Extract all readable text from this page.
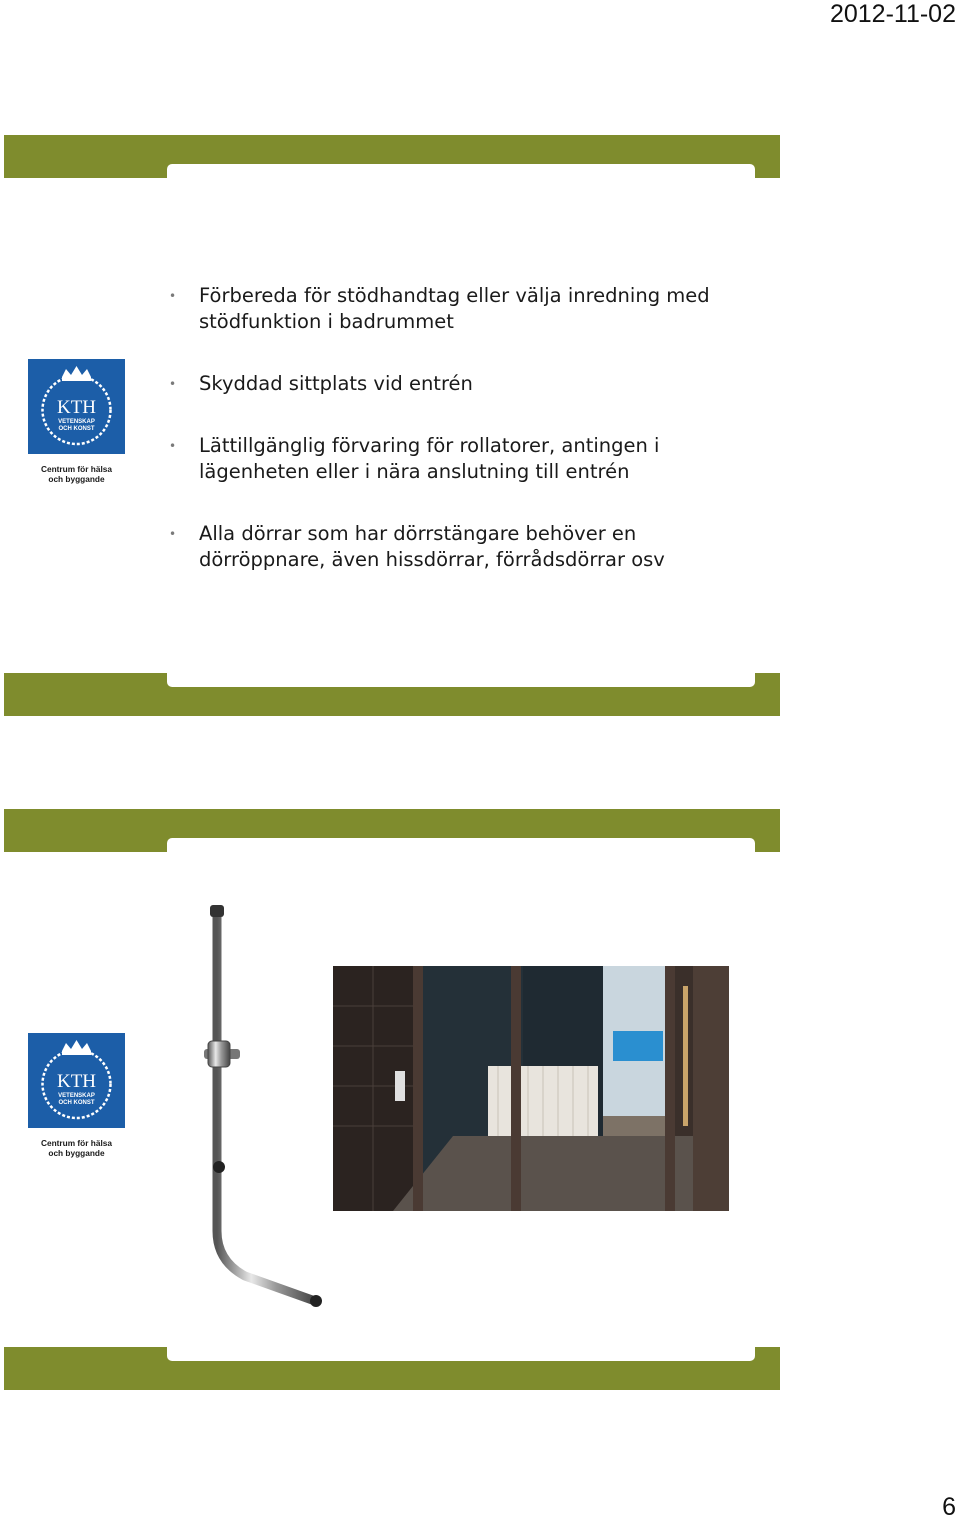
2012-11-02
KTH
VETENSKAP
OCH KONST
Centrum för hälsa
och byggande
• Förbereda för stödhandtag eller välja inredning med stödfunktion i badrummet
• Skyddad sittplats vid entrén
• Lättillgänglig förvaring för rollatorer, antingen i lägenheten eller i nära anslutning till entrén
• Alla dörrar som har dörrstängare behöver en dörröppnare, även hissdörrar, förrådsdörrar osv
KTH
VETENSKAP
OCH KONST
Centrum för hälsa
och byggande
6
